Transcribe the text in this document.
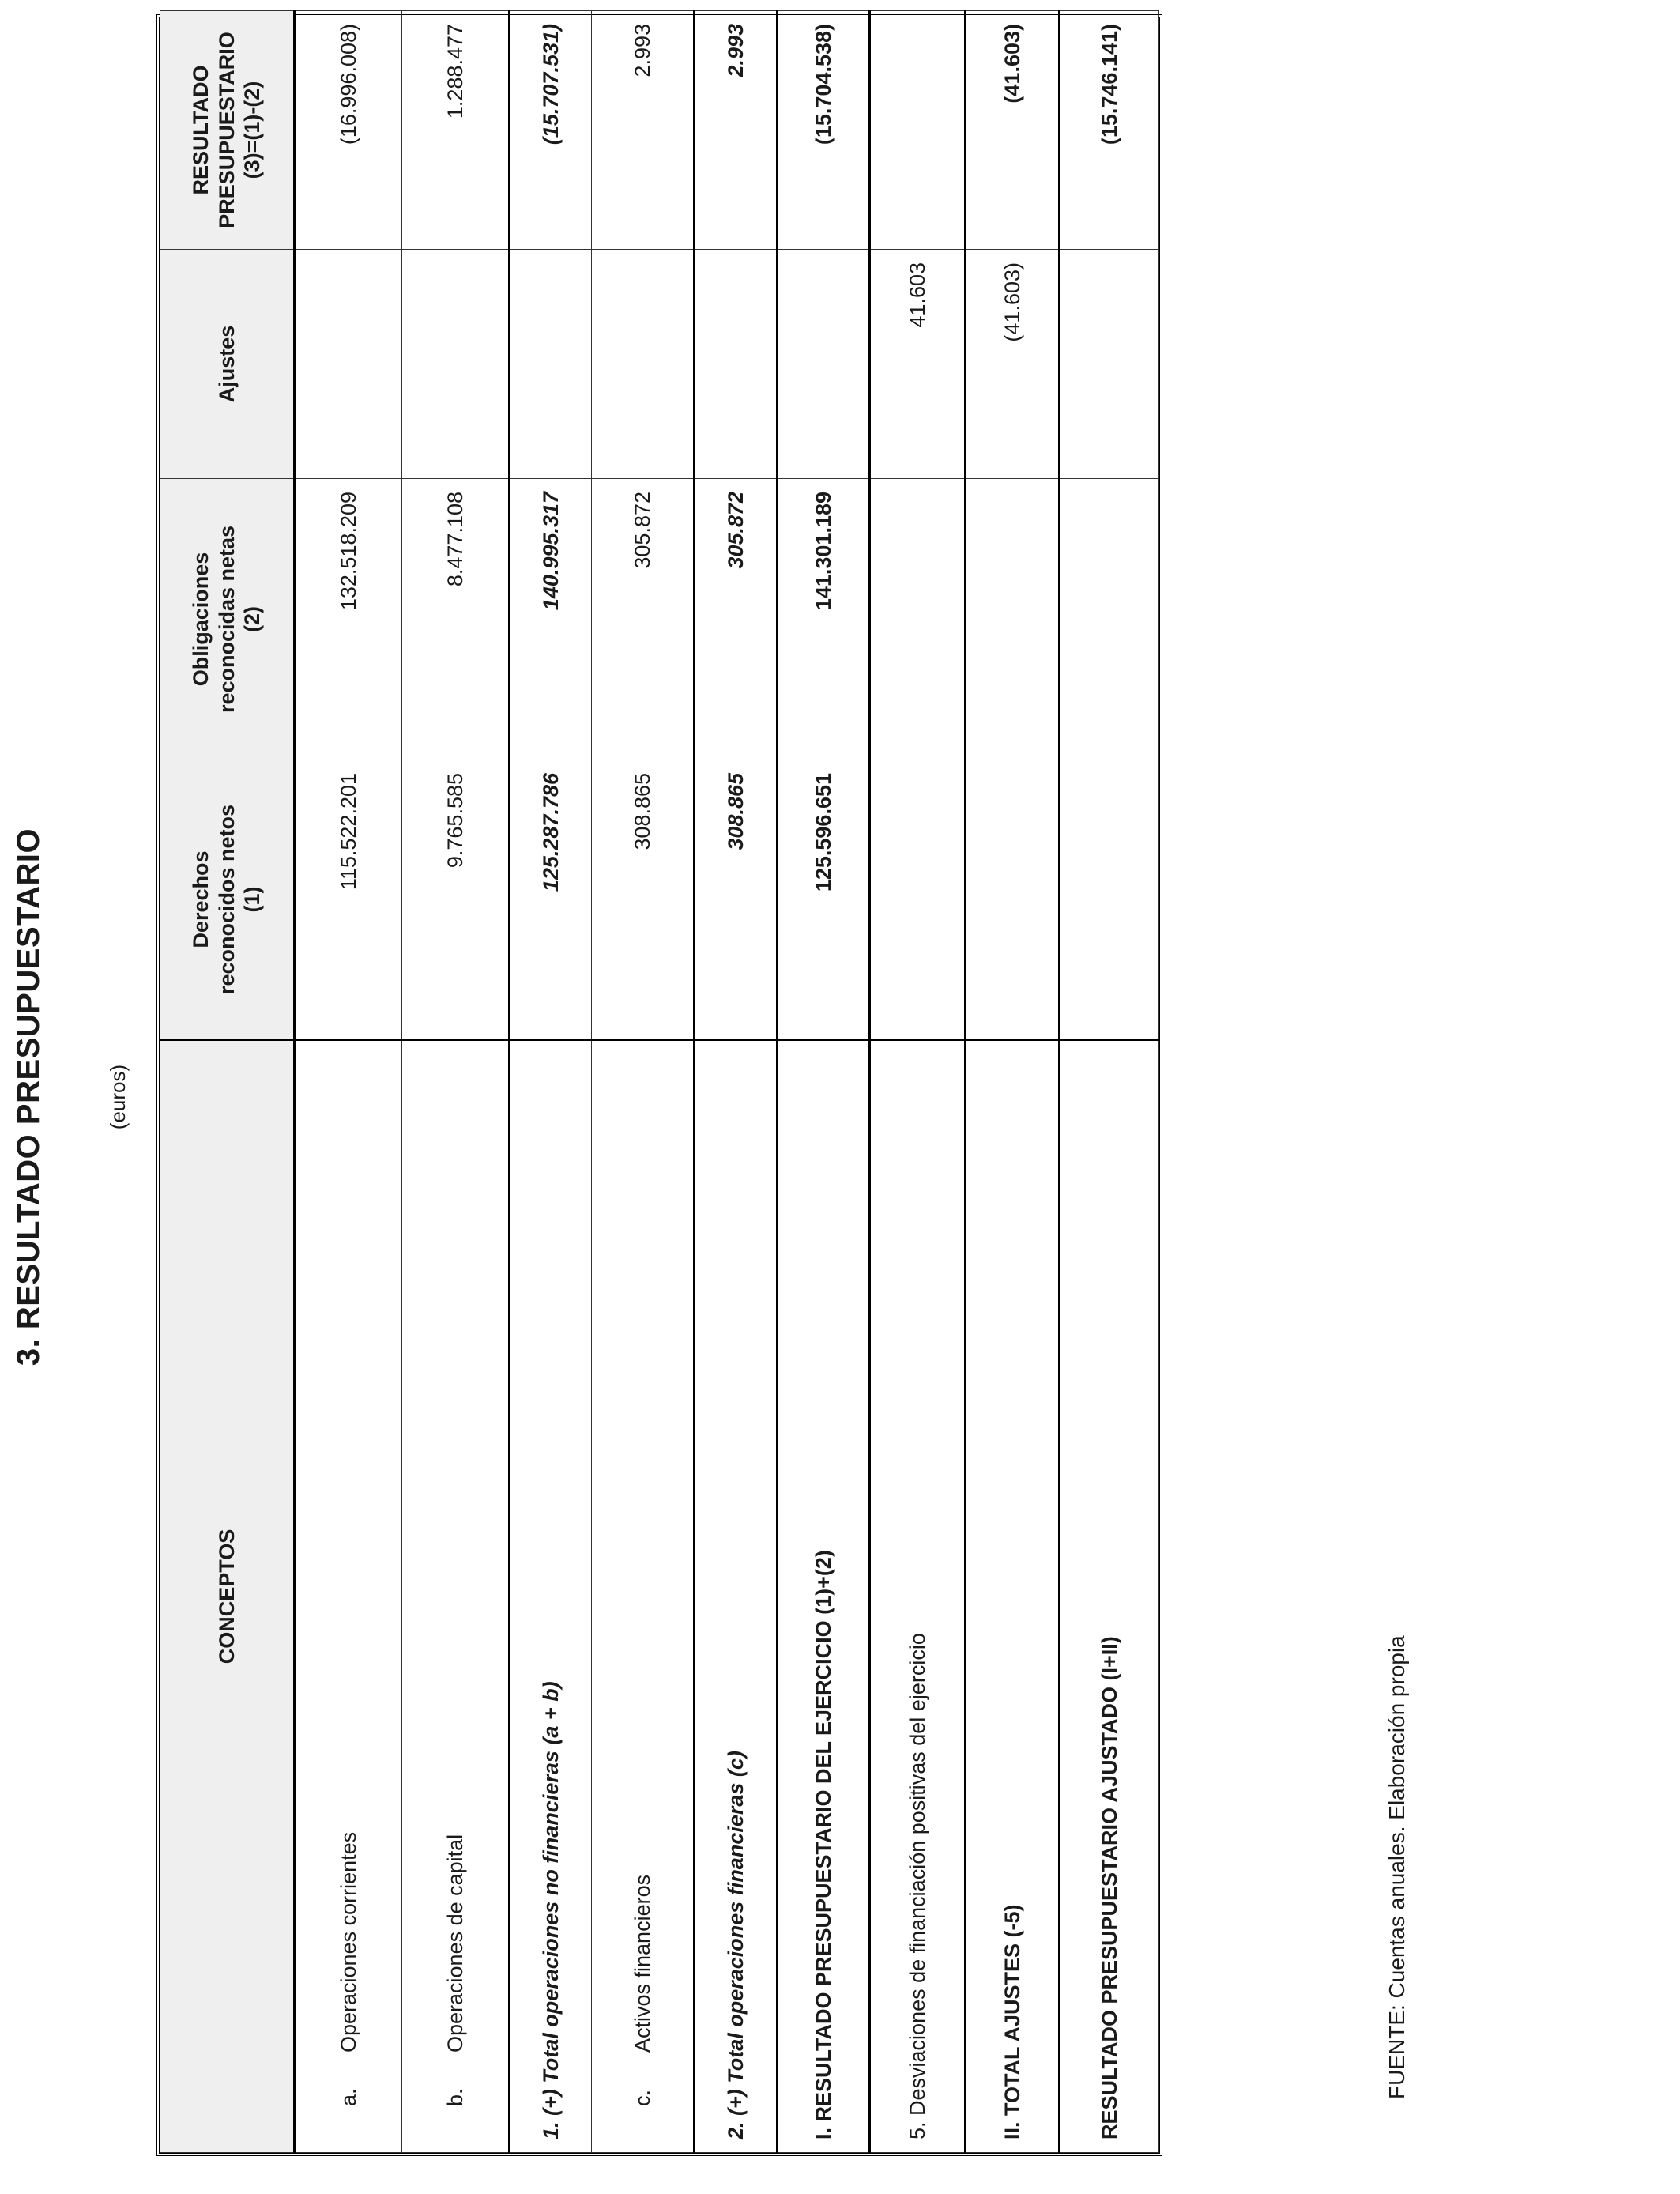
3. RESULTADO PRESUPUESTARIO	(euros)
CONCEPTOS	Derechos reconocidos netos (1)	Obligaciones reconocidas netas (2)	Ajustes	RESULTADO PRESUPUESTARIO (3)=(1)-(2)

a.Operaciones corrientes	115.522.201	132.518.209		(16.996.008)
b.Operaciones de capital	9.765.585	8.477.108		1.288.477
1. (+) Total operaciones no financieras (a + b)	125.287.786	140.995.317		(15.707.531)
c.Activos financieros	308.865	305.872		2.993
2. (+) Total operaciones financieras (c)	308.865	305.872		2.993
I. RESULTADO PRESUPUESTARIO DEL EJERCICIO (1)+(2)	125.596.651	141.301.189		(15.704.538)
5. Desviaciones de financiación positivas del ejercicio			41.603	
II. TOTAL AJUSTES (-5)			(41.603)	(41.603)
RESULTADO PRESUPUESTARIO AJUSTADO (I+II)				(15.746.141)
FUENTE: Cuentas anuales. Elaboración propia
